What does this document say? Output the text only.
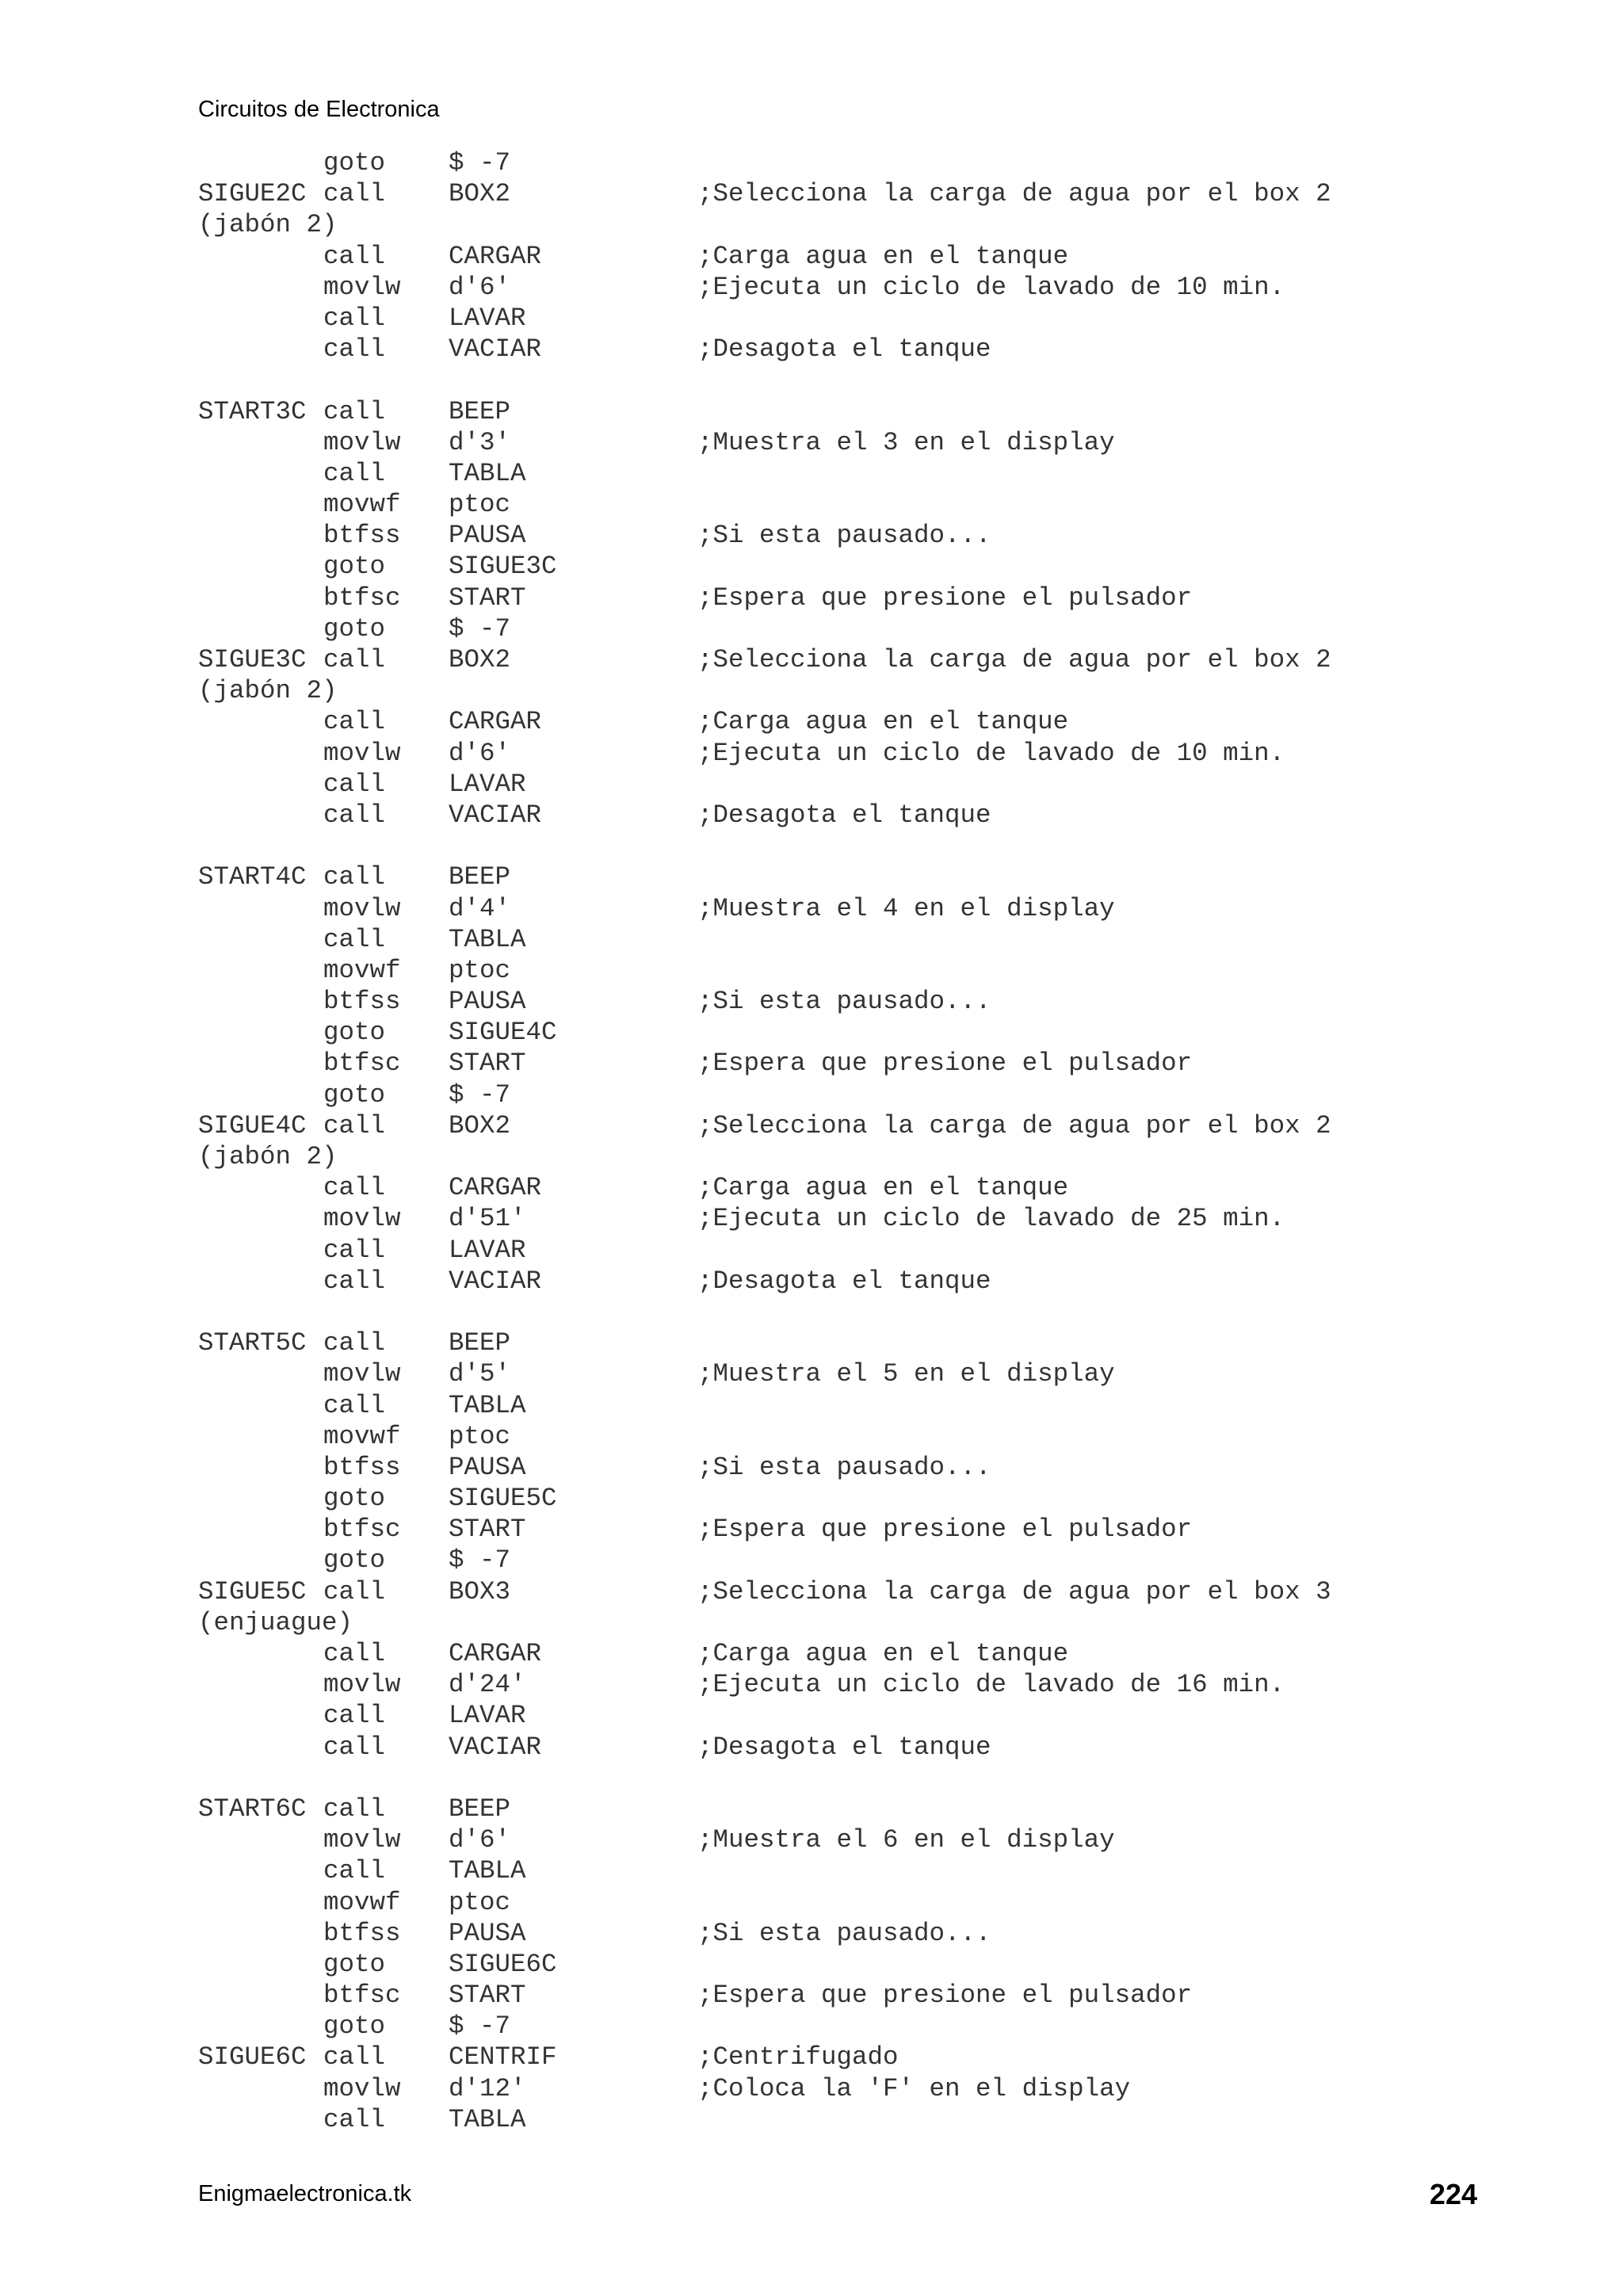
Circuitos de Electronica
goto $ -7
SIGUE2C call BOX2	;Selecciona la carga de agua por el box 2
(jabón 2)
call CARGAR	;Carga agua en el tanque
movlw d'6'	;Ejecuta un ciclo de lavado de 10 min.
call LAVAR
call VACIAR	;Desagota el tanque
START3C call BEEP
movlw d'3'	;Muestra el 3 en el display
call TABLA
movwf ptoc
btfss PAUSA	;Si esta pausado...
goto SIGUE3C
btfsc START	;Espera que presione el pulsador
goto $ -7
SIGUE3C call BOX2	;Selecciona la carga de agua por el box 2
(jabón 2)
call CARGAR	;Carga agua en el tanque
movlw d'6'	;Ejecuta un ciclo de lavado de 10 min.
call LAVAR
call VACIAR	;Desagota el tanque
START4C call BEEP
movlw d'4'	;Muestra el 4 en el display
call TABLA
movwf ptoc
btfss PAUSA	;Si esta pausado...
goto SIGUE4C
btfsc START	;Espera que presione el pulsador
goto $ -7
SIGUE4C call BOX2	;Selecciona la carga de agua por el box 2
(jabón 2)
call CARGAR	;Carga agua en el tanque
movlw d'51'	;Ejecuta un ciclo de lavado de 25 min.
call LAVAR
call VACIAR	;Desagota el tanque
START5C call BEEP
movlw d'5'	;Muestra el 5 en el display
call TABLA
movwf ptoc
btfss PAUSA	;Si esta pausado...
goto SIGUE5C
btfsc START	;Espera que presione el pulsador
goto $ -7
SIGUE5C call BOX3	;Selecciona la carga de agua por el box 3
(enjuague)
call CARGAR	;Carga agua en el tanque
movlw d'24'	;Ejecuta un ciclo de lavado de 16 min.
call LAVAR
call VACIAR	;Desagota el tanque
START6C call BEEP
movlw d'6'	;Muestra el 6 en el display
call TABLA
movwf ptoc
btfss PAUSA	;Si esta pausado...
goto SIGUE6C
btfsc START	;Espera que presione el pulsador
goto $ -7
SIGUE6C call CENTRIF	;Centrifugado
movlw d'12'	;Coloca la 'F' en el display
call TABLA
Enigmaelectronica.tk	224
